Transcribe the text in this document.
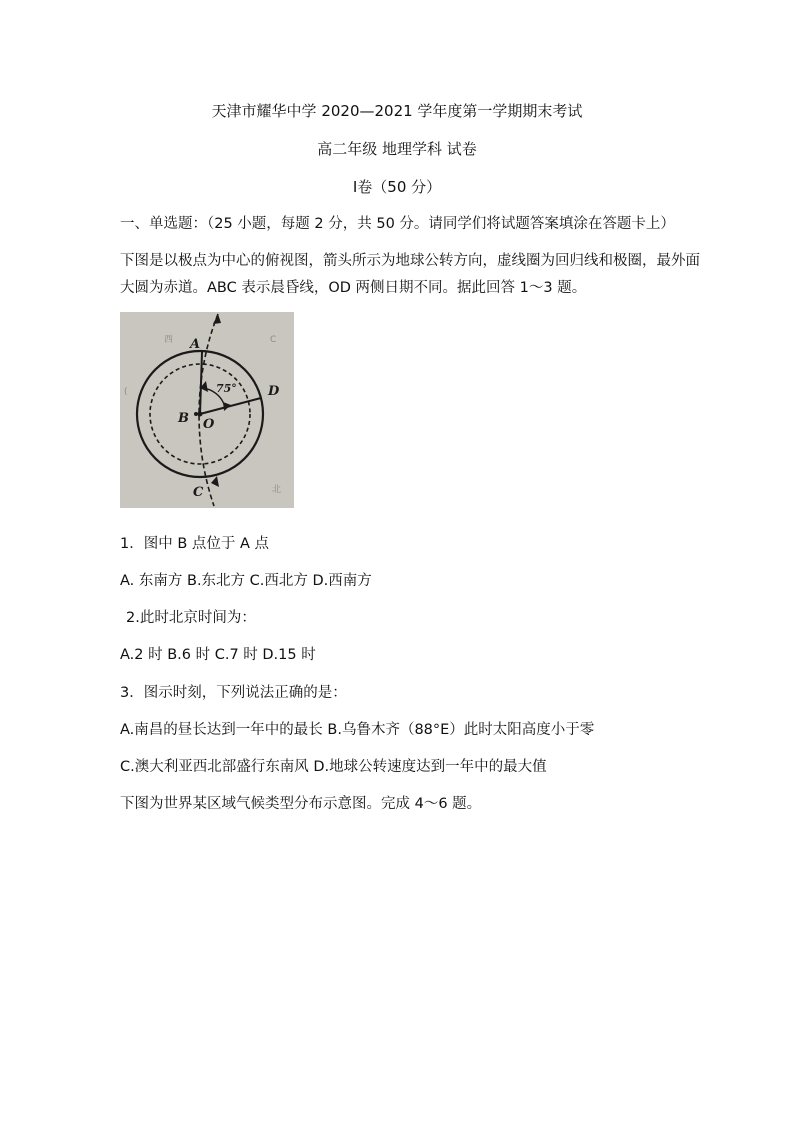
天津市耀华中学 2020—2021 学年度第一学期期末考试
高二年级 地理学科 试卷
Ⅰ卷（50 分）
一、单选题：（25 小题，每题 2 分，共 50 分。请同学们将试题答案填涂在答题卡上）
下图是以极点为中心的俯视图，箭头所示为地球公转方向，虚线圈为回归线和极圈，最外面
大圆为赤道。ABC 表示晨昏线，OD 两侧日期不同。据此回答 1～3 题。
西	C
(
北
A
B
C
D
O
75°
1．图中 B 点位于 A 点
A. 东南方 B.东北方 C.西北方 D.西南方
2.此时北京时间为：
A.2 时 B.6 时 C.7 时 D.15 时
3．图示时刻，下列说法正确的是：
A.南昌的昼长达到一年中的最长 B.乌鲁木齐（88°E）此时太阳高度小于零
C.澳大利亚西北部盛行东南风 D.地球公转速度达到一年中的最大值
下图为世界某区域气候类型分布示意图。完成 4～6 题。
